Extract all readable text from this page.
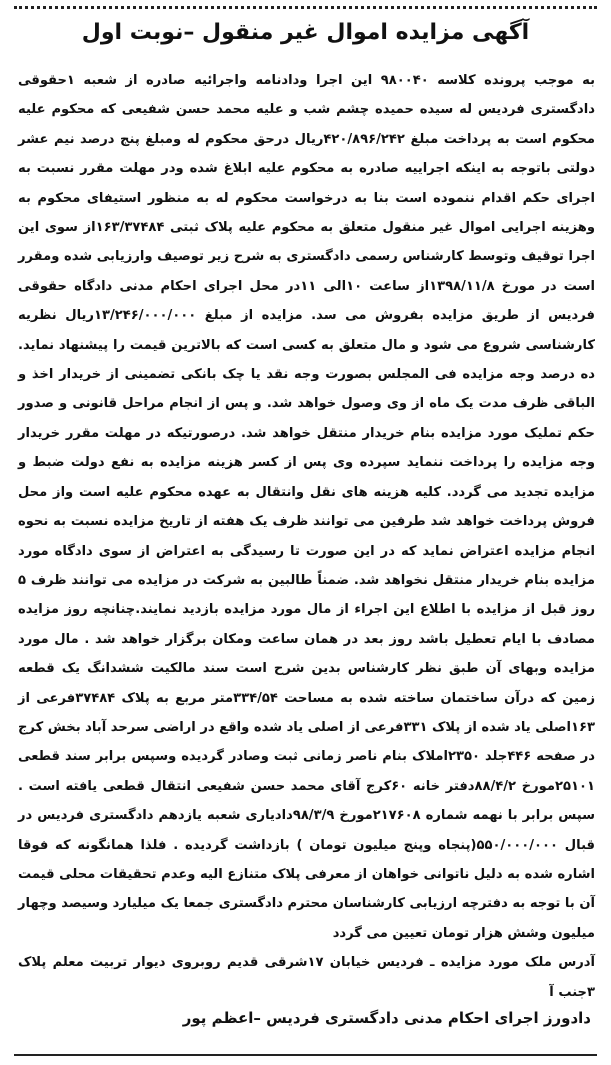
آگهی مزایده اموال غیر منقول –نوبت اول

به موجب پرونده کلاسه ۹۸۰۰۴۰ این اجرا ودادنامه واجرائیه صادره از شعبه ۱حقوقی دادگستری فردیس له سیده حمیده چشم شب و علیه محمد حسن شفیعی که محکوم علیه محکوم است به پرداخت مبلغ ۴۲۰/۸۹۶/۲۴۲ریال درحق محکوم له ومبلغ پنج درصد نیم عشر دولتی باتوجه به اینکه اجراییه صادره به محکوم علیه ابلاغ شده ودر مهلت مقرر نسبت به اجرای حکم اقدام ننموده است بنا به درخواست محکوم له به منظور استیفای محکوم به وهزینه اجرایی اموال غیر منقول متعلق به محکوم علیه پلاک ثبتی ۱۶۳/۳۷۴۸۴از سوی این اجرا توقیف وتوسط کارشناس رسمی دادگستری به شرح زیر توصیف وارزیابی شده ومقرر است در مورخ ۱۳۹۸/۱۱/۸از ساعت ۱۰الی ۱۱در محل اجرای احکام مدنی دادگاه حقوقی فردیس از طریق مزایده بفروش می سد. مزایده از مبلغ ۱۳/۲۴۶/۰۰۰/۰۰۰ریال نظریه کارشناسی شروع می شود و مال متعلق به کسی است که بالاترین قیمت را پیشنهاد نماید. ده درصد وجه مزایده فی المجلس بصورت وجه نقد یا چک بانکی تضمینی از خریدار اخذ و الباقی ظرف مدت یک ماه از وی وصول خواهد شد. و پس از انجام مراحل قانونی و صدور حکم تملیک مورد مزایده بنام خریدار منتقل خواهد شد. درصورتیکه در مهلت مقرر خریدار وجه مزایده را پرداخت ننماید سپرده وی پس از کسر هزینه مزایده به نفع دولت ضبط و مزایده تجدید می گردد. کلیه هزینه های نقل وانتقال به عهده محکوم علیه است واز محل فروش پرداخت خواهد شد طرفین می توانند ظرف یک هفته از تاریخ مزایده نسبت به نحوه انجام مزایده اعتراض نماید که در این صورت تا رسیدگی به اعتراض از سوی دادگاه مورد مزایده بنام خریدار منتقل نخواهد شد. ضمناً طالبین به شرکت در مزایده می توانند ظرف ۵ روز قبل از مزایده با اطلاع این اجراء از مال مورد مزایده بازدید نمایند.چنانچه روز مزایده مصادف با ایام تعطیل باشد روز بعد در همان ساعت ومکان برگزار خواهد شد . مال مورد مزایده وبهای آن طبق نظر کارشناس بدین شرح است سند مالکیت ششدانگ یک قطعه زمین که درآن ساختمان ساخته شده به مساحت ۳۳۴/۵۴متر مربع به پلاک ۳۷۴۸۴فرعی از ۱۶۳اصلی یاد شده از پلاک ۳۳۱فرعی از اصلی یاد شده واقع در اراضی سرحد آباد بخش کرج در صفحه ۴۴۶جلد ۲۳۵۰املاک بنام ناصر زمانی ثبت وصادر گردیده وسپس برابر سند قطعی ۲۵۱۰۱مورخ ۸۸/۴/۲دفتر خانه ۶۰کرج آقای محمد حسن شفیعی انتقال قطعی یافته است . سپس برابر با نهمه شماره ۲۱۷۶۰۸مورخ ۹۸/۳/۹دادیاری شعبه یازدهم دادگستری فردیس در قبال ۵۵۰/۰۰۰/۰۰۰(پنجاه وپنج میلیون تومان ) بازداشت گردیده . فلذا همانگونه که فوقا اشاره شده به دلیل ناتوانی خواهان از معرفی پلاک متنازع الیه وعدم تحقیقات محلی قیمت آن با توجه به دفترچه ارزیابی کارشناسان محترم دادگستری جمعا یک میلیارد وسیصد وچهار میلیون وشش هزار تومان تعیین می گردد

آدرس ملک مورد مزایده ـ فردیس خیابان ۱۷شرقی قدیم روبروی دیوار تربیت معلم پلاک ۳جنب آ

دادورز اجرای احکام مدنی دادگستری فردیس –اعظم پور
